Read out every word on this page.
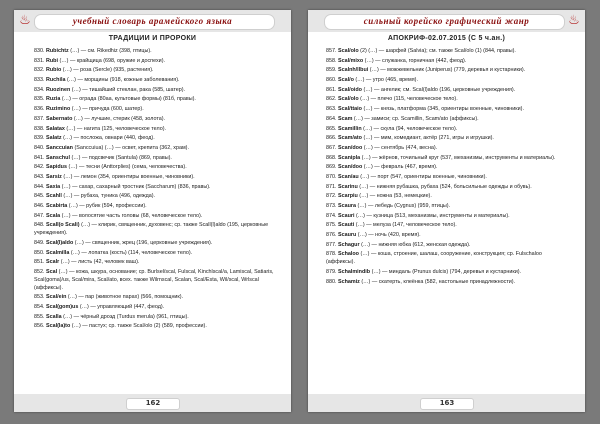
♨	учебный словарь арамейского языка
ТРАДИЦИИ И ПРОРОКИ
830. Rubichtz (…) — см. Rikedhiz (398, птицы).
831. Rubi (…) — крайщица (698, оружие и доспехи).
832. Rubio (…) — роза (Sercle) (935, растения).
833. Ruchila (…) — морщины (918, кожные заболевания).
834. Ruozinen (…) — тишайший стеклан, рака (585, шатер).
835. Ruzia (…) — ограда (80аа, культовые формы) (81б, правы).
836. Ruzimino (…) — причуда (600, шатер).
837. Sabernato (…) — лучшие, стерик (458, золота).
838. Salatax (…) — нагита (125, человеческое тело).
839. Salatz (…) — посложа, овнари (440, феод).
840. Sanccuian (Sanccuiua) (…) — освет, крепита (362, храм).
841. Sanschul (…) — подсвечик (Santula) (869, правы).
842. Sapidus (…) — тесни (Anttorplies) (сема, человечества).
843. Sarsiz (…) — лемон (354, ориентиры военные, чиновники).
844. Saxia (…) — сахар, сахарный тростник (Saccharum) (836, правы).
845. Scahll (…) — рубаха, туника (496, одежда).
846. Scabirta (…) — рубик (594, профессии).
847. Scala (…) — волосятие часть головы (68, человеческое тело).
848. Scall(o Scali) (…) — клирик, священник, духовенс; ср. также Scall(l)aldo (195, церковные учреждения).
849. Scal(l)aldo (…) — священник, жрец (196, церковные учреждения).
850. Scalmilla (…) — лопатка (кость) (114, человеческое тело).
851. Scalr (…) — листь (42, человек ваш).
852. Scal (…) — кожа, шкура, основание; ср. Burlsel/scal, Fulscal, Kinchlscal/a, Lamiscal, Satiaris, Scal(goma)/us, Scal/mira, Scal/ato, всех. также Wilrnscal, Scalan, Scal/Esta, Wil/scal, Wrlscal (аффиксы).
853. Scal/ein (…) — пар (животное парах) (566, помощник).
854. Scal(gom)us (…) — управляющий (447, феод).
855. Scalla (…) — чёрный дрозд (Turdus merula) (961, птицы).
856. Scal(la)to (…) — пастух; ср. также Scal/olo (2) (589, профессии).
162
♨
сильный корейско графический жанр
АПОКРИФ-02.07.2015 (С 5 ч.ан.)
857. Scal/olo (2) (…) — шарфей (Salvia); см. также Scal/olo (1) (844, правы).
858. Scal/mixo (…) — служанка, горничная (442, феод).
859. Scalnh/llbui (…) — можжевельник (Juniperus) (779, деревья и кустарники).
860. Scal/o (…) — утро (465, время).
861. Scal/oido (…) — ангелик; см. Scal(l)aldo (196, церковные учреждения).
862. Scal/olo (…) — плечо (115, человеческое тело).
863. Scal/ttaio (…) — князь, платформа (345, ориентиры военные, чиновники).
864. Scam (…) — замиси; ср. Scamillin, Scam/ato (аффиксы).
865. Scamillin (…) — скула (94, человеческое тело).
866. Scam/ato (…) — мим, комедиант, актёр (271, игры и игрушки).
867. Scan/doo (…) — сентябрь (474, весна).
868. Scanipla (…) — жёрнов, точильный круг (537, механизмы, инструменты и материалы).
869. Scan/doo (…) — февраль (467, время).
870. Scan/au (…) — порт (547, ориентиры военные, чиновники).
871. Scarinu (…) — нижняя рубашка, рубаха (524, больсильные одежды и обувь).
872. Scarpiu (…) — ножна (53, немецкие).
873. Scaura (…) — лебедь (Cygnus) (959, птицы).
874. Scauri (…) — кузница (513, механизмы, инструменты и материалы).
875. Scauti (…) — мелуза (147, человеческое тело).
876. Scauru (…) — ночь (420, время).
877. Schagur (…) — нижняя юбка (612, женская одежда).
878. Schaloo (…) — коша, строение, шалаш, сооружение, конструкция; ср. Fulschaloo (аффиксы).
879. Schalmindib (…) — миндаль (Prunus dulcis) (794, деревья и кустарники).
880. Schamiz (…) — скатерть, клеёнка (582, настольные принадлежности).
163
